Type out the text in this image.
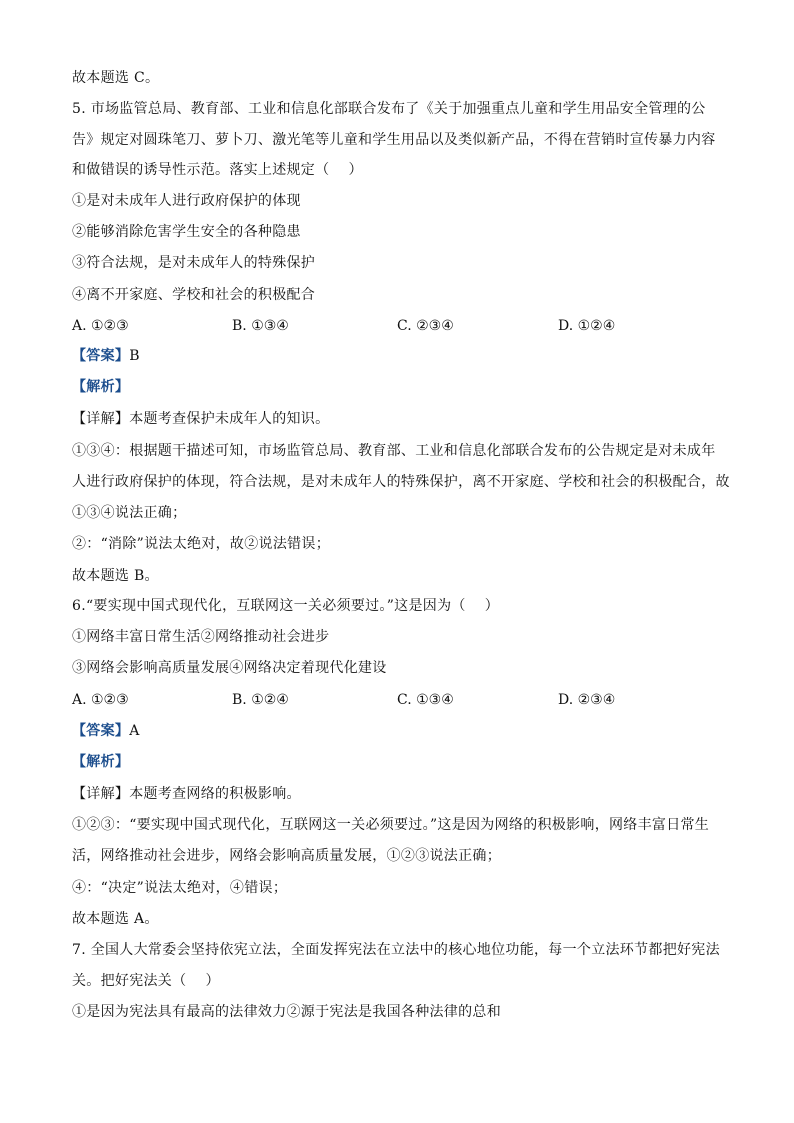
故本题选 C。
5. 市场监管总局、教育部、工业和信息化部联合发布了《关于加强重点儿童和学生用品安全管理的公
告》规定对圆珠笔刀、萝卜刀、激光笔等儿童和学生用品以及类似新产品，不得在营销时宣传暴力内容
和做错误的诱导性示范。落实上述规定（　 ）
①是对未成年人进行政府保护的体现
②能够消除危害学生安全的各种隐患
③符合法规，是对未成年人的特殊保护
④离不开家庭、学校和社会的积极配合
A. ①②③	B. ①③④	C. ②③④	D. ①②④
【答案】B
【解析】
【详解】本题考查保护未成年人的知识。
①③④：根据题干描述可知，市场监管总局、教育部、工业和信息化部联合发布的公告规定是对未成年
人进行政府保护的体现，符合法规，是对未成年人的特殊保护，离不开家庭、学校和社会的积极配合，故
①③④说法正确；
②：“消除”说法太绝对，故②说法错误；
故本题选 B。
6.“要实现中国式现代化，互联网这一关必须要过。”这是因为（　 ）
①网络丰富日常生活②网络推动社会进步
③网络会影响高质量发展④网络决定着现代化建设
A. ①②③	B. ①②④	C. ①③④	D. ②③④
【答案】A
【解析】
【详解】本题考查网络的积极影响。
①②③：“要实现中国式现代化，互联网这一关必须要过。”这是因为网络的积极影响，网络丰富日常生
活，网络推动社会进步，网络会影响高质量发展，①②③说法正确；
④：“决定”说法太绝对，④错误；
故本题选 A。
7. 全国人大常委会坚持依宪立法，全面发挥宪法在立法中的核心地位功能，每一个立法环节都把好宪法
关。把好宪法关（　 ）
①是因为宪法具有最高的法律效力②源于宪法是我国各种法律的总和
